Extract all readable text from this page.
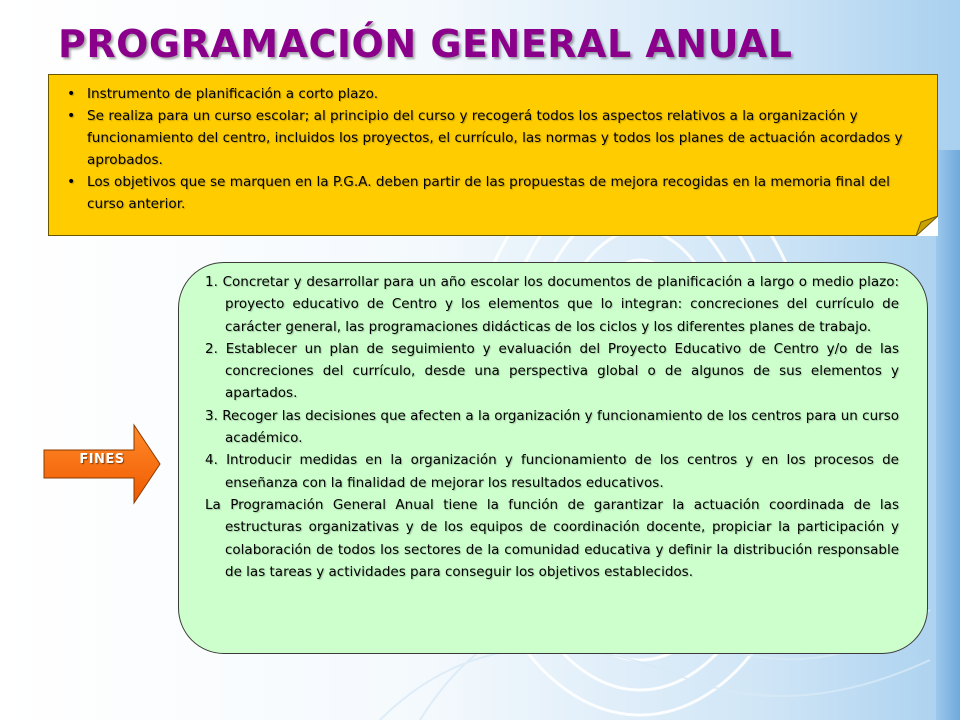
PROGRAMACIÓN GENERAL ANUAL
• Instrumento de planificación a corto plazo.
• Se realiza para un curso escolar; al principio del curso y recogerá todos los aspectos relativos a la organización y funcionamiento del centro, incluidos los proyectos, el currículo, las normas y todos los planes de actuación acordados y aprobados.
• Los objetivos que se marquen en la P.G.A. deben partir de las propuestas de mejora recogidas en la memoria final del curso anterior.
FINES

1. Concretar y desarrollar para un año escolar los documentos de planificación a largo o medio plazo: proyecto educativo de Centro y los elementos que lo integran: concreciones del currículo de carácter general, las programaciones didácticas de los ciclos y los diferentes planes de trabajo.

2. Establecer un plan de seguimiento y evaluación del Proyecto Educativo de Centro y/o de las concreciones del currículo, desde una perspectiva global o de algunos de sus elementos y apartados.

3. Recoger las decisiones que afecten a la organización y funcionamiento de los centros para un curso académico.

4. Introducir medidas en la organización y funcionamiento de los centros y en los procesos de enseñanza con la finalidad de mejorar los resultados educativos.

La Programación General Anual tiene la función de garantizar la actuación coordinada de las estructuras organizativas y de los equipos de coordinación docente, propiciar la participación y colaboración de todos los sectores de la comunidad educativa y definir la distribución responsable de las tareas y actividades para conseguir los objetivos establecidos.
